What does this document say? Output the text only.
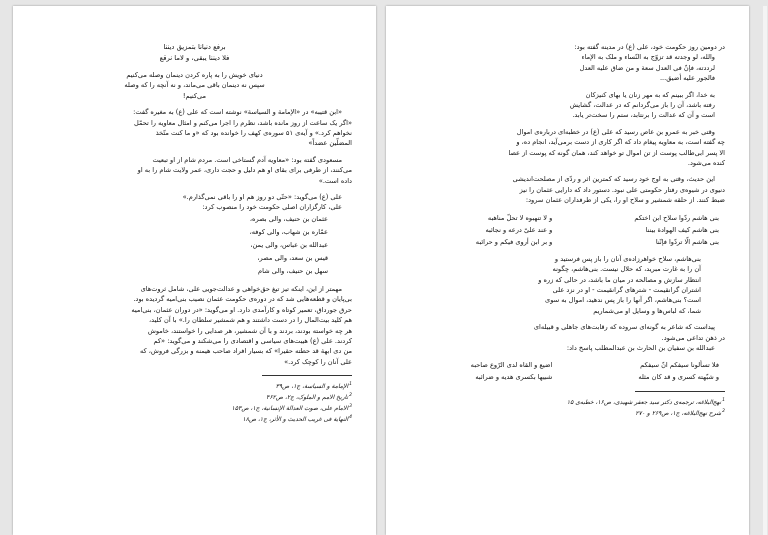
برفع دنیانا بتمزیق دیننا
فلا دیننا یبقی، و لاما نرقع
دنیای خویش را به پاره کردن دینمان وصله می‌کنیم
سپس نه دینمان باقی می‌ماند، و نه آنچه را که وصله
می‌کنیم!
«ابن قتیبه» در «الإمامة و السیاسة» نوشته است که علی (ع) به مغیره گفت:
«اگر یک ساعت از روز مانده باشد، نظرم را اجرا می‌کنم و امثال معاویه را تحمّل
نخواهم کرد.» و آیه‌ی ۵۱ سوره‌ی کهف را خوانده بود که «و ما کنت متّخذ
المضلّین عضداً»
مسعودی گفته بود: «معاویه آدم گستاخی است. مردم شام از او تبعیت
می‌کنند، از طرفی برای بقای او هم دلیل و حجت داری، عمر ولایت شام را به او
داده است.»
علی (ع) می‌گوید: «حتّی دو روز هم او را باقی نمی‌گذارم.»
علی، کارگزاران اصلی حکومت خود را منصوب کرد:
عثمان بن حنیف، والی بصره،
عمّاره بن شهاب، والی کوفه،
عبدالله بن عباس، والی یمن،
قیس بن سعد، والی مصر،
سهل بن حنیف، والی شام
مهمتر از این، اینکه تیز تیغ حق‌خواهی و عدالت‌جویی علی، شامل ثروت‌های
بی‌پایان و قطعه‌هایی شد که در دوره‌ی حکومت عثمان نصیب بنی‌امیه گردیده بود.
حرق جورداق، تعمیر کوتاه و کارآمدی دارد. او می‌گوید: «در دوران عثمان، بنی‌امیه
هم کلید بیت‌المال را در دست داشتند و هم شمشیر سلطان را.» با آن کلید،
هر چه خواسته بودند، بردند و با آن شمشیر، هر صدایی را خواستند، خاموش
کردند. علی (ع) هیبت‌های سیاسی و اقتصادی را می‌شکند و می‌گوید: «کم
من دی ابهة قد حطته حقیرا» که بسیار افراد صاحب هیمنه و بزرگی فروش، که
علی آنان را کوچک کرد.»
$^1$الإمامة و السیاسة، ج۱، ص۳۹
$^2$تاریخ الامم و الملوک، ج۲، ص۴۶۲
$^3$الامام علی، صوت العدالة الإنسانیة، ج۱، ص۱۵۳
$^4$النهایة فی غریب الحدیث و الأثر، ج۱، ص۱۸
در دومین روز حکومت خود، علی (ع) در مدینه گفته بود:
والله، لو وجدته قد تزوّج به النّساء و ملک به الإماء
لرددته، فإنّ فی العدل سعة و من ضاق علیه العدل
فالجور علیه أضیق...
به خدا، اگر ببینم که به مهر زنان یا بهای کنیزکان
رفته باشد، آن را باز می‌گردانم که در عدالت، گشایش
است و آن که عدالت را برنتابد، ستم را سخت‌تر یابد.
وقتی خبر به عمرو بن عاص رسید که علی (ع) در خطبه‌ای درباره‌ی اموال
چه گفته است، به معاویه پیغام داد که اگر کاری از دست برمی‌آید، انجام ده، و
الا پسر ابی‌طالب پوست از تن اموال تو خواهد کند، همان گونه که پوست از عصا
کنده می‌شود.
این حدیث، وقتی به اوج خود رسید که کمترین اثر و ردّی از مصلحت‌اندیشی
دنیوی در شیوه‌ی رفتار حکومتی علی نبود. دستور داد که دارایی عثمان را نیز
ضبط کنند. از حلقه شمشیر و سلاح او را، یکی از طرفداران عثمان سرود:
بنی هاشم ردّوا سلاح ابن اختکم
و لا تنهبوه لا تحلّ مناهبه
بنی هاشم کیف الهوادة بیننا
و عند علیّ درعه و نجائبه
بنی هاشم الّا تردّوا فإنّنا
و بر ابن أروی فیکم و حرائبه
بنی‌هاشم، سلاح خواهرزاده‌ی آنان را باز پس فرستید و
آن را به غارت مبرید، که حلال نیست. بنی‌هاشم، چگونه
انتظار سازش و مصالحه در میان ما باشد، در حالی که زره و
اشتران گرانقیمت - شترهای گرانقیمت - او در نزد علی
است؟ بنی‌هاشم، اگر آنها را باز پس ندهید، اموال به سوی
شما، که لباس‌ها و وسایل او می‌شماریم
پیداست که شاعر به گونه‌ای سروده که رقابت‌های جاهلی و قبیله‌ای
در ذهن تداعی می‌شود.
عبدالله بن سفیان بن الحارث بن عبدالمطلب پاسخ داد:
فلا تسألونا سیفکم انّ سیفکم
اضیع و القاه لدی الرّوع صاحبه
و شبّهته کسری و قد کان مثله
شبیها بکسری هدیه و ضرائبه
$^1$نهج‌البلاغه، ترجمه‌ی دکتر سید جعفر شهیدی، ص۱۶، خطبه‌ی ۱۵
$^2$شرح نهج‌البلاغه، ج۱، ص۲۶۹ و ۲۷۰
